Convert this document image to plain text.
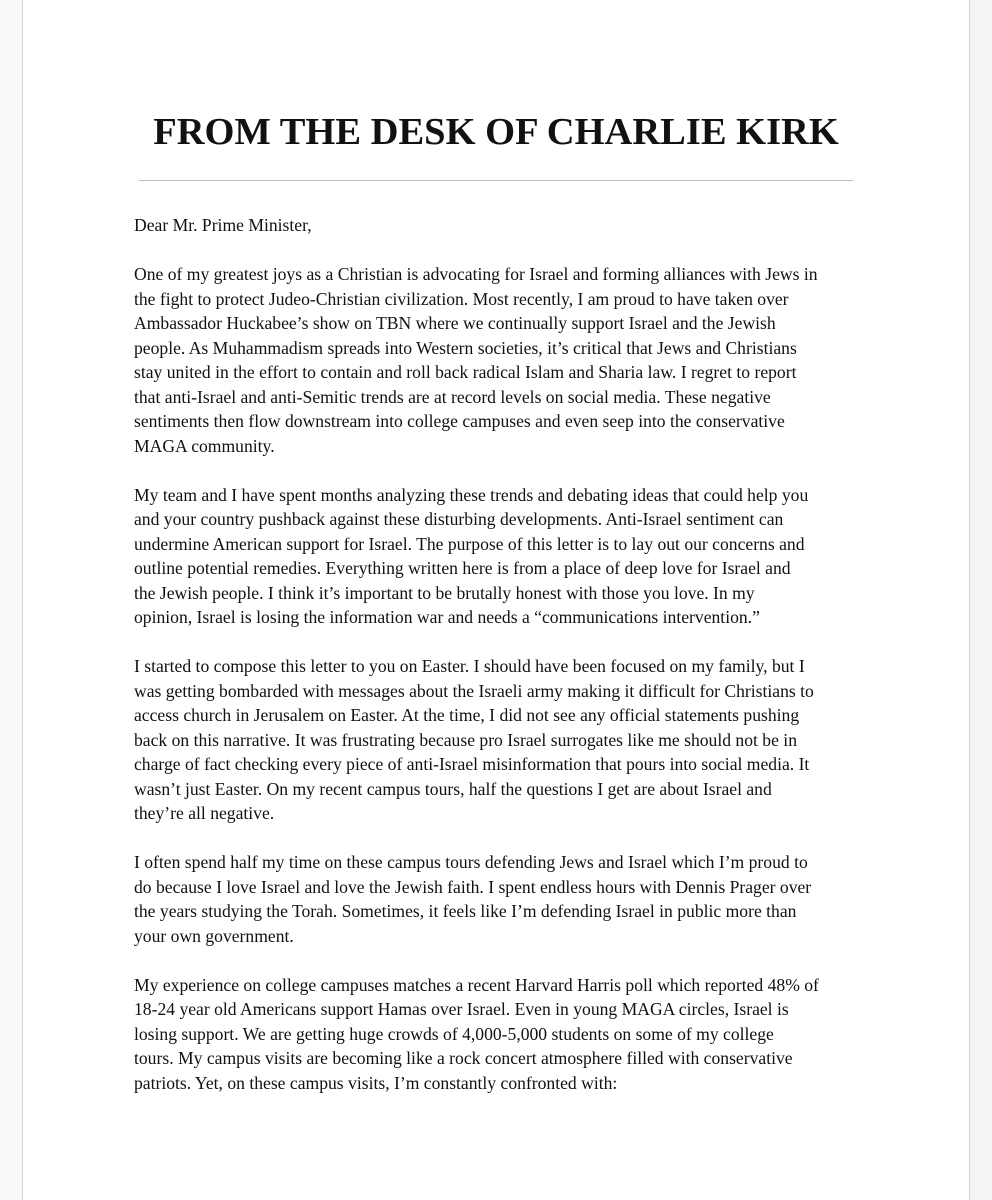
FROM THE DESK OF CHARLIE KIRK

Dear Mr. Prime Minister,

One of my greatest joys as a Christian is advocating for Israel and forming alliances with Jews in
the fight to protect Judeo-Christian civilization. Most recently, I am proud to have taken over
Ambassador Huckabee’s show on TBN where we continually support Israel and the Jewish
people. As Muhammadism spreads into Western societies, it’s critical that Jews and Christians
stay united in the effort to contain and roll back radical Islam and Sharia law. I regret to report
that anti-Israel and anti-Semitic trends are at record levels on social media. These negative
sentiments then flow downstream into college campuses and even seep into the conservative
MAGA community.

My team and I have spent months analyzing these trends and debating ideas that could help you
and your country pushback against these disturbing developments. Anti-Israel sentiment can
undermine American support for Israel. The purpose of this letter is to lay out our concerns and
outline potential remedies. Everything written here is from a place of deep love for Israel and
the Jewish people. I think it’s important to be brutally honest with those you love. In my
opinion, Israel is losing the information war and needs a “communications intervention.”

I started to compose this letter to you on Easter. I should have been focused on my family, but I
was getting bombarded with messages about the Israeli army making it difficult for Christians to
access church in Jerusalem on Easter. At the time, I did not see any official statements pushing
back on this narrative. It was frustrating because pro Israel surrogates like me should not be in
charge of fact checking every piece of anti-Israel misinformation that pours into social media. It
wasn’t just Easter. On my recent campus tours, half the questions I get are about Israel and
they’re all negative.

I often spend half my time on these campus tours defending Jews and Israel which I’m proud to
do because I love Israel and love the Jewish faith. I spent endless hours with Dennis Prager over
the years studying the Torah. Sometimes, it feels like I’m defending Israel in public more than
your own government.

My experience on college campuses matches a recent Harvard Harris poll which reported 48% of
18-24 year old Americans support Hamas over Israel. Even in young MAGA circles, Israel is
losing support. We are getting huge crowds of 4,000-5,000 students on some of my college
tours. My campus visits are becoming like a rock concert atmosphere filled with conservative
patriots. Yet, on these campus visits, I’m constantly confronted with:
